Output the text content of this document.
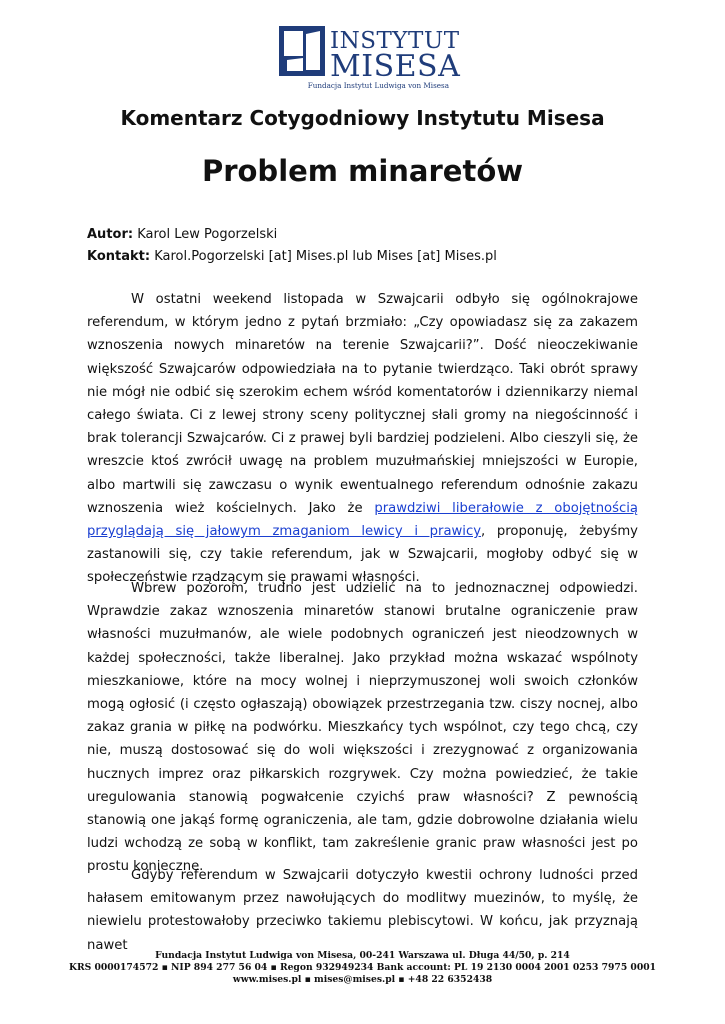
INSTYTUT
MISESA
Fundacja Instytut Ludwiga von Misesa
Komentarz Cotygodniowy Instytutu Misesa
Problem minaretów
Autor: Karol Lew Pogorzelski
Kontakt: Karol.Pogorzelski [at] Mises.pl lub Mises [at] Mises.pl

W ostatni weekend listopada w Szwajcarii odbyło się ogólnokrajowe referendum, w którym jedno z pytań brzmiało: „Czy opowiadasz się za zakazem wznoszenia nowych minaretów na terenie Szwajcarii?”. Dość nieoczekiwanie większość Szwajcarów odpowiedziała na to pytanie twierdząco. Taki obrót sprawy nie mógł nie odbić się szerokim echem wśród komentatorów i dziennikarzy niemal całego świata. Ci z lewej strony sceny politycznej słali gromy na niegościnność i brak tolerancji Szwajcarów. Ci z prawej byli bardziej podzieleni. Albo cieszyli się, że wreszcie ktoś zwrócił uwagę na problem muzułmańskiej mniejszości w Europie, albo martwili się zawczasu o wynik ewentualnego referendum odnośnie zakazu wznoszenia wież kościelnych. Jako że prawdziwi liberałowie z obojętnością przyglądają się jałowym zmaganiom lewicy i prawicy, proponuję, żebyśmy zastanowili się, czy takie referendum, jak w Szwajcarii, mogłoby odbyć się w społeczeństwie rządzącym się prawami własności.

Wbrew pozorom, trudno jest udzielić na to jednoznacznej odpowiedzi. Wprawdzie zakaz wznoszenia minaretów stanowi brutalne ograniczenie praw własności muzułmanów, ale wiele podobnych ograniczeń jest nieodzownych w każdej społeczności, także liberalnej. Jako przykład można wskazać wspólnoty mieszkaniowe, które na mocy wolnej i nieprzymuszonej woli swoich członków mogą ogłosić (i często ogłaszają) obowiązek przestrzegania tzw. ciszy nocnej, albo zakaz grania w piłkę na podwórku. Mieszkańcy tych wspólnot, czy tego chcą, czy nie, muszą dostosować się do woli większości i zrezygnować z organizowania hucznych imprez oraz piłkarskich rozgrywek. Czy można powiedzieć, że takie uregulowania stanowią pogwałcenie czyichś praw własności? Z pewnością stanowią one jakąś formę ograniczenia, ale tam, gdzie dobrowolne działania wielu ludzi wchodzą ze sobą w konflikt, tam zakreślenie granic praw własności jest po prostu konieczne.

Gdyby referendum w Szwajcarii dotyczyło kwestii ochrony ludności przed hałasem emitowanym przez nawołujących do modlitwy muezinów, to myślę, że niewielu protestowałoby przeciwko takiemu plebiscytowi. W końcu, jak przyznają nawet

Fundacja Instytut Ludwiga von Misesa, 00-241 Warszawa ul. Długa 44/50, p. 214
KRS 0000174572 ▪ NIP 894 277 56 04 ▪ Regon 932949234 Bank account: PL 19 2130 0004 2001 0253 7975 0001
www.mises.pl ▪ mises@mises.pl ▪ +48 22 6352438
